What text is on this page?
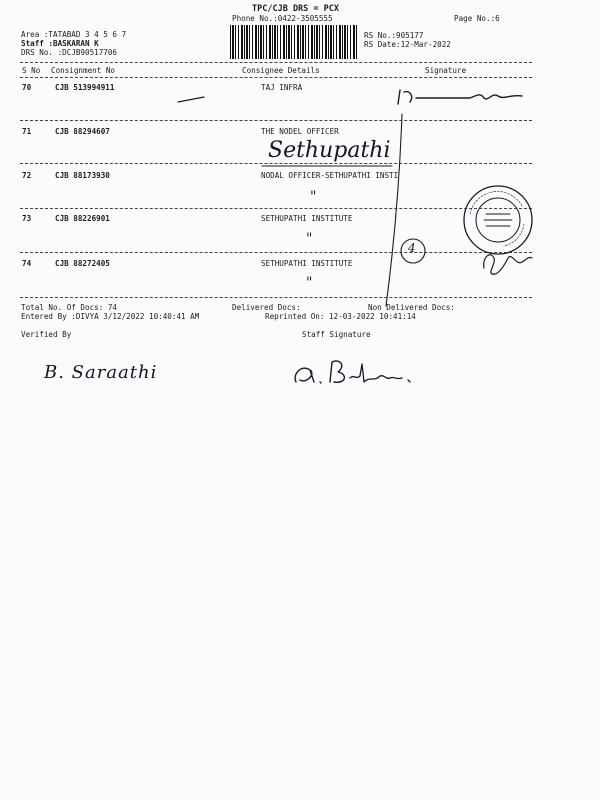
TPC/CJB DRS = PCX
Phone No.:0422-3505555	Page No.:6
Area :TATABAD 3 4 5 6 7
Staff :BASKARAN K
DRS No. :DCJB90517706
RS No.:905177
RS Date:12-Mar-2022
S No Consignment No	Consignee Details	Signature
70	CJB 513994911	TAJ INFRA
71	CJB 88294607	THE NODEL OFFICER
72	CJB 88173930	NODAL OFFICER-SETHUPATHI INSTI
73	CJB 88226901	SETHUPATHI INSTITUTE
74	CJB 88272405	SETHUPATHI INSTITUTE
Total No. Of Docs: 74	Delivered Docs:	Non Delivered Docs:
Entered By :DIVYA 3/12/2022 10:40:41 AM	Reprinted On: 12-03-2022 10:41:14
Verified By	Staff Signature
Sethupathi
"
"
"
4
B. Saraathi
